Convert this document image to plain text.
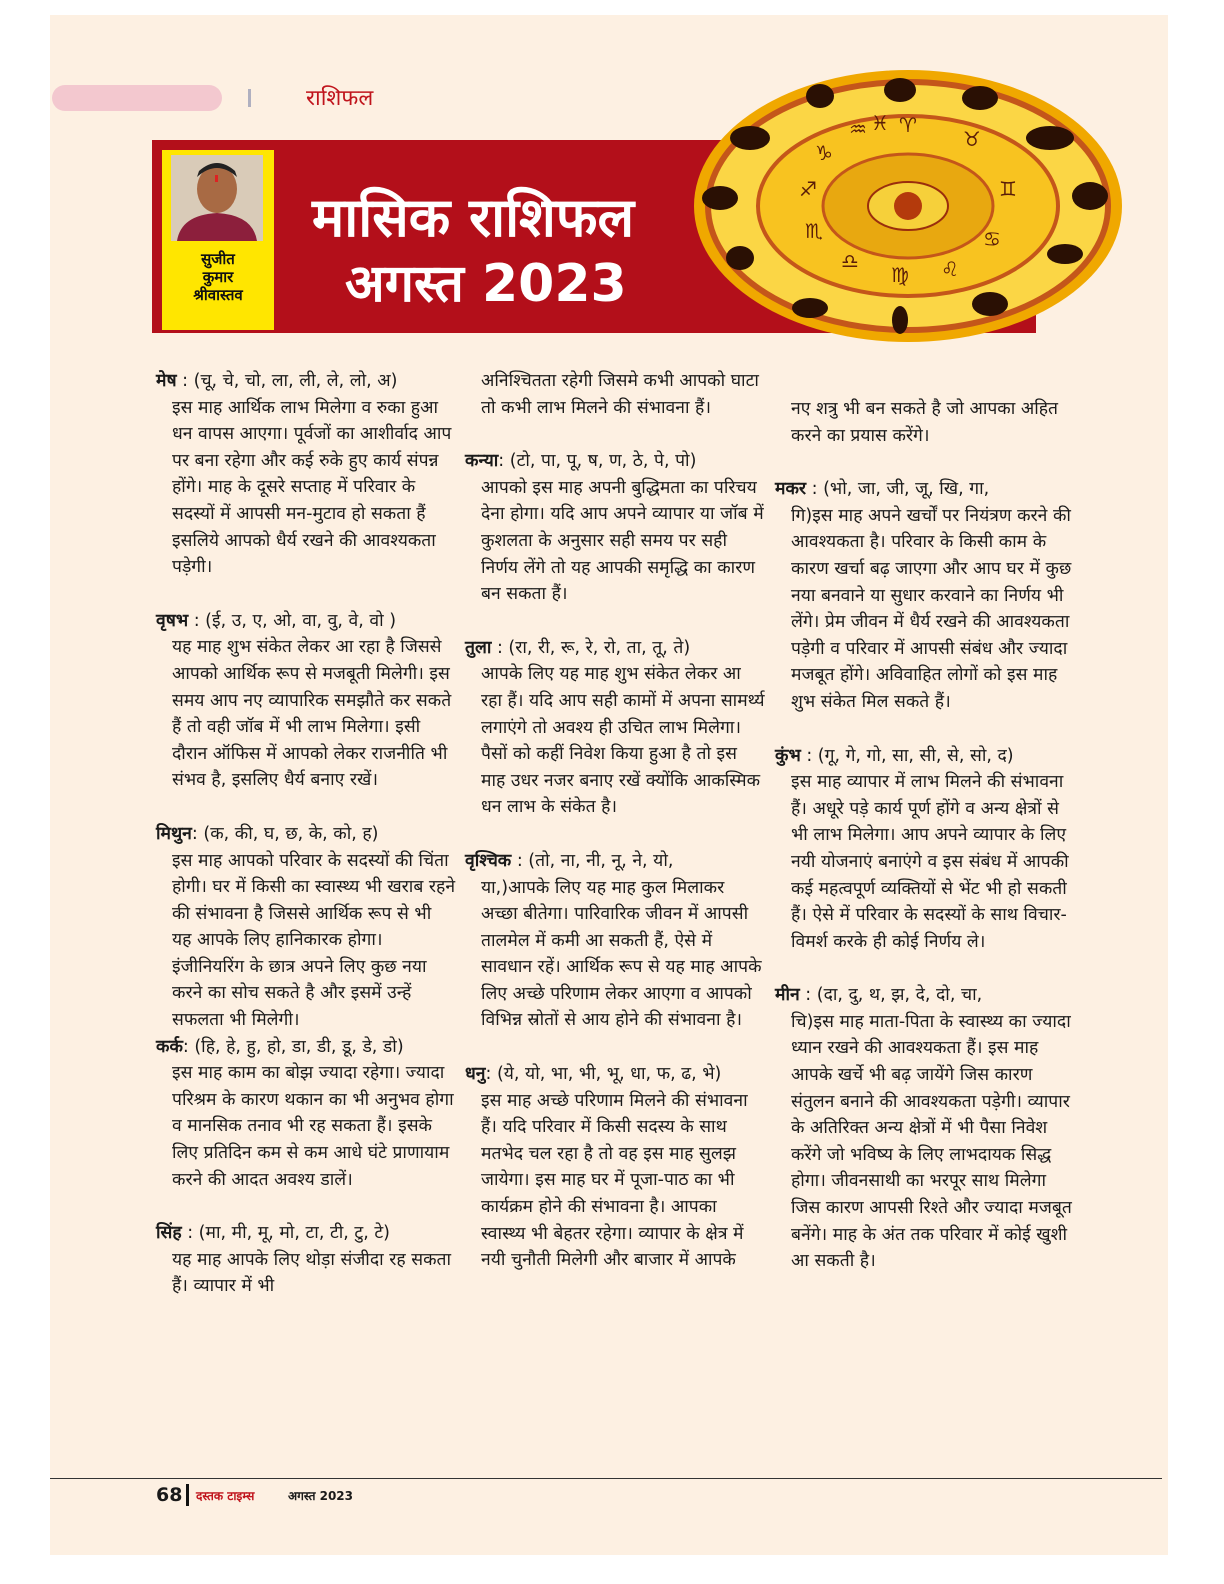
राशिफल
सुजीत
कुमार
श्रीवास्तव
मासिक राशिफल
अगस्त 2023
♈
♉
♊
♋
♌
♍
♎
♏
♐
♑
♒ ♓
मेष : (चू, चे, चो, ला, ली, ले, लो, अ)
इस माह आर्थिक लाभ मिलेगा व रुका हुआ धन वापस आएगा। पूर्वजों का आशीर्वाद आप पर बना रहेगा और कई रुके हुए कार्य संपन्न होंगे। माह के दूसरे सप्ताह में परिवार के सदस्यों में आपसी मन-मुटाव हो सकता हैं इसलिये आपको धैर्य रखने की आवश्यकता पड़ेगी।
वृषभ : (ई, उ, ए, ओ, वा, वु, वे, वो )
यह माह शुभ संकेत लेकर आ रहा है जिससे आपको आर्थिक रूप से मजबूती मिलेगी। इस समय आप नए व्यापारिक समझौते कर सकते हैं तो वही जॉब में भी लाभ मिलेगा। इसी दौरान ऑफिस में आपको लेकर राजनीति भी संभव है, इसलिए धैर्य बनाए रखें।
मिथुन: (क, की, घ, छ, के, को, ह)
इस माह आपको परिवार के सदस्यों की चिंता होगी। घर में किसी का स्वास्थ्य भी खराब रहने की संभावना है जिससे आर्थिक रूप से भी यह आपके लिए हानिकारक होगा। इंजीनियरिंग के छात्र अपने लिए कुछ नया करने का सोच सकते है और इसमें उन्हें सफलता भी मिलेगी।
कर्क: (हि, हे, हु, हो, डा, डी, डू, डे, डो)
इस माह काम का बोझ ज्यादा रहेगा। ज्यादा परिश्रम के कारण थकान का भी अनुभव होगा व मानसिक तनाव भी रह सकता हैं। इसके लिए प्रतिदिन कम से कम आधे घंटे प्राणायाम करने की आदत अवश्य डालें।
सिंह : (मा, मी, मू, मो, टा, टी, टु, टे)
यह माह आपके लिए थोड़ा संजीदा रह सकता हैं। व्यापार में भी
अनिश्चितता रहेगी जिसमे कभी आपको घाटा तो कभी लाभ मिलने की संभावना हैं।
कन्या: (टो, पा, पू, ष, ण, ठे, पे, पो)
आपको इस माह अपनी बुद्धिमता का परिचय देना होगा। यदि आप अपने व्यापार या जॉब में कुशलता के अनुसार सही समय पर सही निर्णय लेंगे तो यह आपकी समृद्धि का कारण बन सकता हैं।
तुला : (रा, री, रू, रे, रो, ता, तू, ते)
आपके लिए यह माह शुभ संकेत लेकर आ रहा हैं। यदि आप सही कामों में अपना सामर्थ्य लगाएंगे तो अवश्य ही उचित लाभ मिलेगा। पैसों को कहीं निवेश किया हुआ है तो इस माह उधर नजर बनाए रखें क्योंकि आकस्मिक धन लाभ के संकेत है।
वृश्चिक : (तो, ना, नी, नू, ने, यो,
या,)आपके लिए यह माह कुल मिलाकर अच्छा बीतेगा। पारिवारिक जीवन में आपसी तालमेल में कमी आ सकती हैं, ऐसे में सावधान रहें। आर्थिक रूप से यह माह आपके लिए अच्छे परिणाम लेकर आएगा व आपको विभिन्न स्रोतों से आय होने की संभावना है।
धनु: (ये, यो, भा, भी, भू, धा, फ, ढ, भे)
इस माह अच्छे परिणाम मिलने की संभावना हैं। यदि परिवार में किसी सदस्य के साथ मतभेद चल रहा है तो वह इस माह सुलझ जायेगा। इस माह घर में पूजा-पाठ का भी कार्यक्रम होने की संभावना है। आपका स्वास्थ्य भी बेहतर रहेगा। व्यापार के क्षेत्र में नयी चुनौती मिलेगी और बाजार में आपके
नए शत्रु भी बन सकते है जो आपका अहित करने का प्रयास करेंगे।
मकर : (भो, जा, जी, जू, खि, गा,
गि)इस माह अपने खर्चों पर नियंत्रण करने की आवश्यकता है। परिवार के किसी काम के कारण खर्चा बढ़ जाएगा और आप घर में कुछ नया बनवाने या सुधार करवाने का निर्णय भी लेंगे। प्रेम जीवन में धैर्य रखने की आवश्यकता पड़ेगी व परिवार में आपसी संबंध और ज्यादा मजबूत होंगे। अविवाहित लोगों को इस माह शुभ संकेत मिल सकते हैं।
कुंभ : (गू, गे, गो, सा, सी, से, सो, द)
इस माह व्यापार में लाभ मिलने की संभावना हैं। अधूरे पड़े कार्य पूर्ण होंगे व अन्य क्षेत्रों से भी लाभ मिलेगा। आप अपने व्यापार के लिए नयी योजनाएं बनाएंगे व इस संबंध में आपकी कई महत्वपूर्ण व्यक्तियों से भेंट भी हो सकती हैं। ऐसे में परिवार के सदस्यों के साथ विचार-विमर्श करके ही कोई निर्णय ले।
मीन : (दा, दु, थ, झ, दे, दो, चा,
चि)इस माह माता-पिता के स्वास्थ्य का ज्यादा ध्यान रखने की आवश्यकता हैं। इस माह आपके खर्चे भी बढ़ जायेंगे जिस कारण संतुलन बनाने की आवश्यकता पड़ेगी। व्यापार के अतिरिक्त अन्य क्षेत्रों में भी पैसा निवेश करेंगे जो भविष्य के लिए लाभदायक सिद्ध होगा। जीवनसाथी का भरपूर साथ मिलेगा जिस कारण आपसी रिश्ते और ज्यादा मजबूत बनेंगे। माह के अंत तक परिवार में कोई खुशी आ सकती है।
68 दस्तक टाइम्स	अगस्त 2023
